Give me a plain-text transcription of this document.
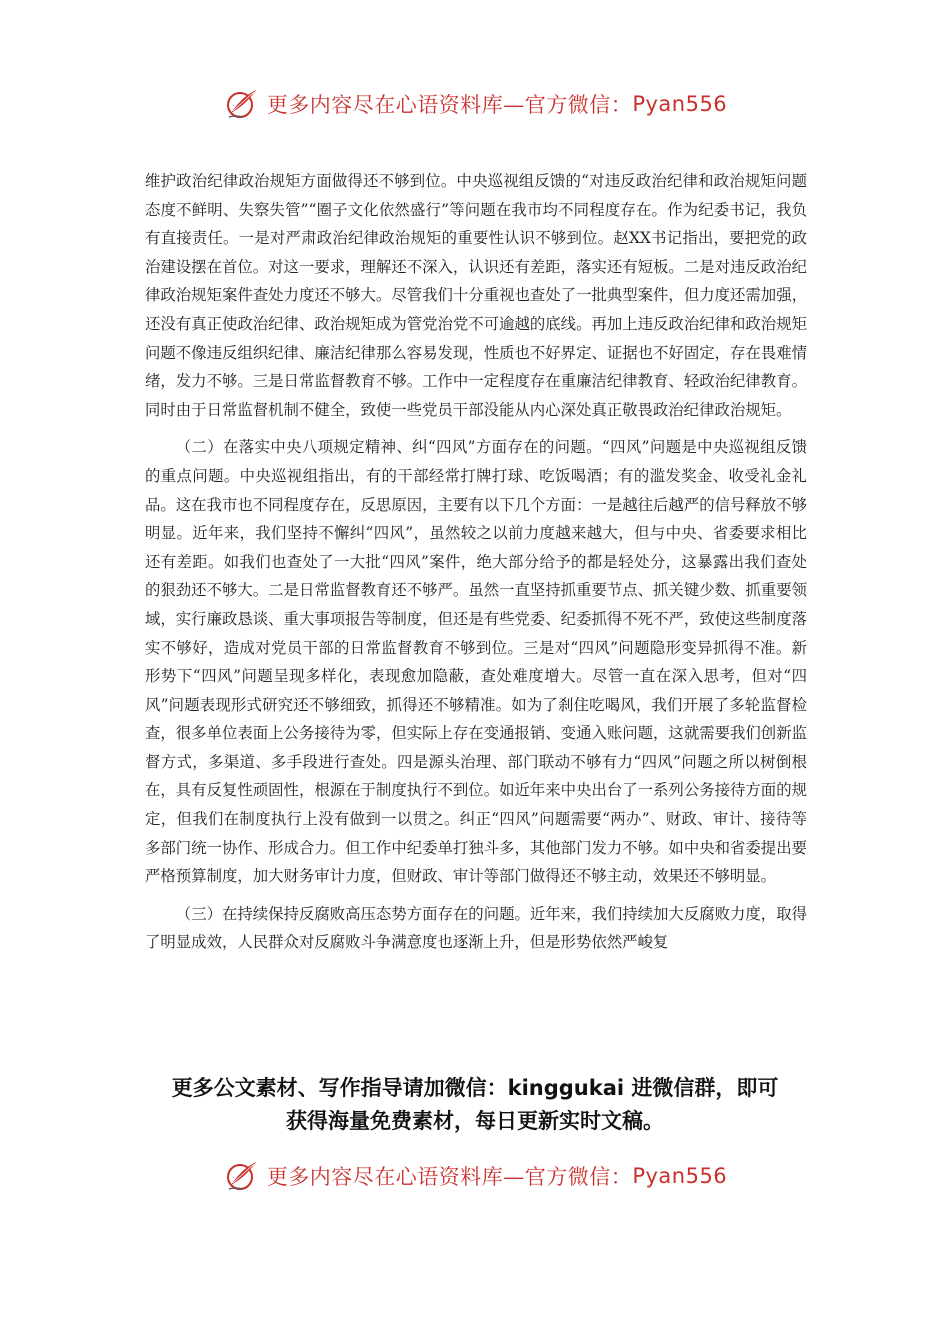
更多内容尽在心语资料库—官方微信： Pyan556

维护政治纪律政治规矩方面做得还不够到位。中央巡视组反馈的“对违反政治纪律和政治规矩问题态度不鲜明、失察失管”“圈子文化依然盛行”等问题在我市均不同程度存在。作为纪委书记，我负有直接责任。一是对严肃政治纪律政治规矩的重要性认识不够到位。赵XX书记指出，要把党的政治建设摆在首位。对这一要求，理解还不深入，认识还有差距，落实还有短板。二是对违反政治纪律政治规矩案件查处力度还不够大。尽管我们十分重视也查处了一批典型案件，但力度还需加强，还没有真正使政治纪律、政治规矩成为管党治党不可逾越的底线。再加上违反政治纪律和政治规矩问题不像违反组织纪律、廉洁纪律那么容易发现，性质也不好界定、证据也不好固定，存在畏难情绪，发力不够。三是日常监督教育不够。工作中一定程度存在重廉洁纪律教育、轻政治纪律教育。同时由于日常监督机制不健全，致使一些党员干部没能从内心深处真正敬畏政治纪律政治规矩。

（二）在落实中央八项规定精神、纠“四风”方面存在的问题。“四风”问题是中央巡视组反馈的重点问题。中央巡视组指出，有的干部经常打牌打球、吃饭喝酒；有的滥发奖金、收受礼金礼品。这在我市也不同程度存在，反思原因，主要有以下几个方面：一是越往后越严的信号释放不够明显。近年来，我们坚持不懈纠“四风”，虽然较之以前力度越来越大，但与中央、省委要求相比还有差距。如我们也查处了一大批“四风”案件，绝大部分给予的都是轻处分，这暴露出我们查处的狠劲还不够大。二是日常监督教育还不够严。虽然一直坚持抓重要节点、抓关键少数、抓重要领域，实行廉政恳谈、重大事项报告等制度，但还是有些党委、纪委抓得不死不严，致使这些制度落实不够好，造成对党员干部的日常监督教育不够到位。三是对“四风”问题隐形变异抓得不准。新形势下“四风”问题呈现多样化，表现愈加隐蔽，查处难度增大。尽管一直在深入思考，但对“四风”问题表现形式研究还不够细致，抓得还不够精准。如为了刹住吃喝风，我们开展了多轮监督检查，很多单位表面上公务接待为零，但实际上存在变通报销、变通入账问题，这就需要我们创新监督方式，多渠道、多手段进行查处。四是源头治理、部门联动不够有力“四风”问题之所以树倒根在，具有反复性顽固性，根源在于制度执行不到位。如近年来中央出台了一系列公务接待方面的规定，但我们在制度执行上没有做到一以贯之。纠正“四风”问题需要“两办”、财政、审计、接待等多部门统一协作、形成合力。但工作中纪委单打独斗多，其他部门发力不够。如中央和省委提出要严格预算制度，加大财务审计力度，但财政、审计等部门做得还不够主动，效果还不够明显。

（三）在持续保持反腐败高压态势方面存在的问题。近年来，我们持续加大反腐败力度，取得了明显成效，人民群众对反腐败斗争满意度也逐渐上升，但是形势依然严峻复

更多公文素材、写作指导请加微信：kinggukai 进微信群，即可
获得海量免费素材，每日更新实时文稿。
更多内容尽在心语资料库—官方微信： Pyan556
